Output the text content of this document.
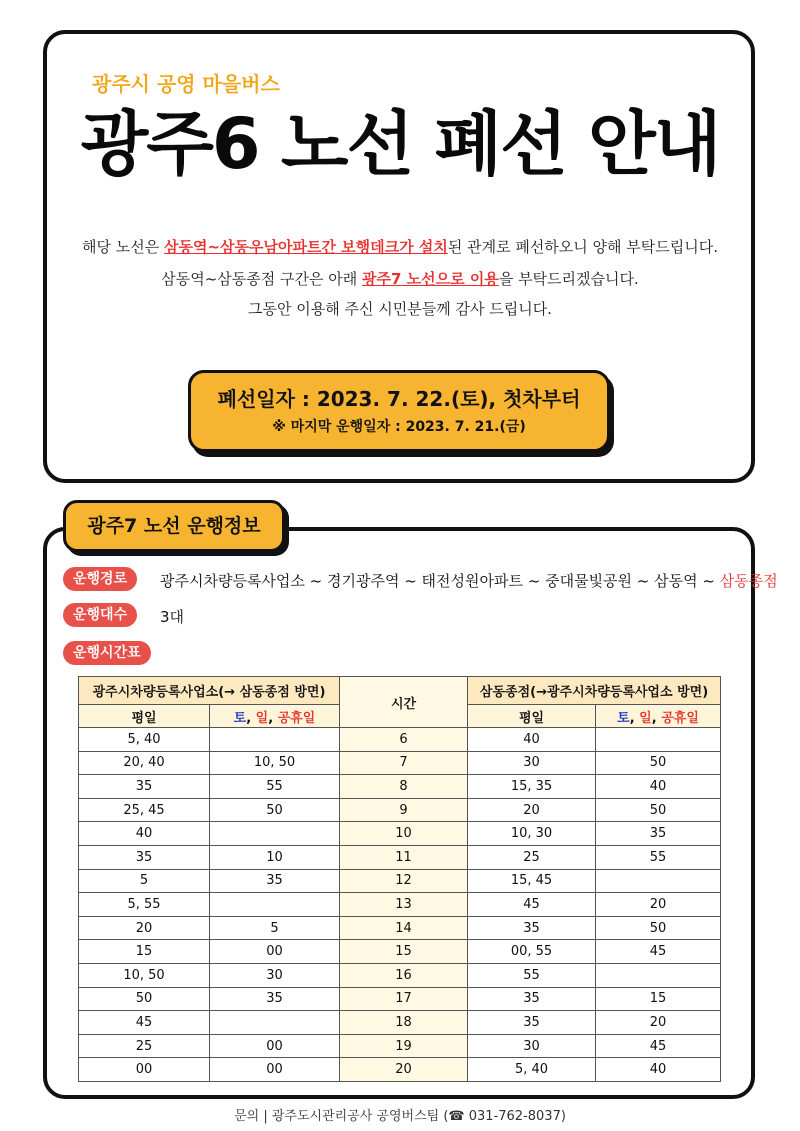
광주시 공영 마을버스
광주6 노선 폐선 안내
해당 노선은 삼동역~삼동우남아파트간 보행데크가 설치된 관계로 폐선하오니 양해 부탁드립니다.
삼동역~삼동종점 구간은 아래 광주7 노선으로 이용을 부탁드리겠습니다.
그동안 이용해 주신 시민분들께 감사 드립니다.
폐선일자 : 2023. 7. 22.(토), 첫차부터
※ 마지막 운행일자 : 2023. 7. 21.(금)
광주7 노선 운행정보
운행경로	광주시차량등록사업소 ~ 경기광주역 ~ 태전성원아파트 ~ 중대물빛공원 ~ 삼동역 ~ 삼동종점
운행대수	3대
운행시간표
광주시차량등록사업소(→ 삼동종점 방면)		시간	삼동종점(→광주시차량등록사업소 방면)	
평일	토, 일, 공휴일		평일	토, 일, 공휴일
5, 40		6	40	
20, 40	10, 50	7	30	50
35	55	8	15, 35	40
25, 45	50	9	20	50
40		10	10, 30	35
35	10	11	25	55
5	35	12	15, 45	
5, 55		13	45	20
20	5	14	35	50
15	00	15	00, 55	45
10, 50	30	16	55	
50	35	17	35	15
45		18	35	20
25	00	19	30	45
00	00	20	5, 40	40
문의 | 광주도시관리공사 공영버스팀 (☎ 031-762-8037)
